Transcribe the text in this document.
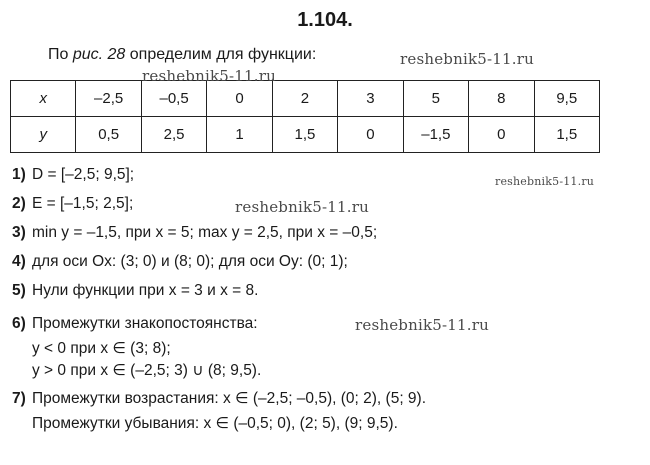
1.104.
По рис. 28 определим для функции:
x	–2,5	–0,5	0	2	3	5	8	9,5
y	0,5	2,5	1	1,5	0	–1,5	0	1,5
1) D = [–2,5; 9,5];
2) E = [–1,5; 2,5];
3) min y = –1,5, при x = 5; max y = 2,5, при x = –0,5;
4) для оси Ox: (3; 0) и (8; 0); для оси Oy: (0; 1);
5) Нули функции при x = 3 и x = 8.
6) Промежутки знакопостоянства:
y < 0 при x ∈ (3; 8);
y > 0 при x ∈ (–2,5; 3) ∪ (8; 9,5).
7) Промежутки возрастания: x ∈ (–2,5; –0,5), (0; 2), (5; 9).
Промежутки убывания: x ∈ (–0,5; 0), (2; 5), (9; 9,5).
reshebnik5-11.ru
reshebnik5-11.ru
reshebnik5-11.ru
reshebnik5-11.ru
reshebnik5-11.ru
